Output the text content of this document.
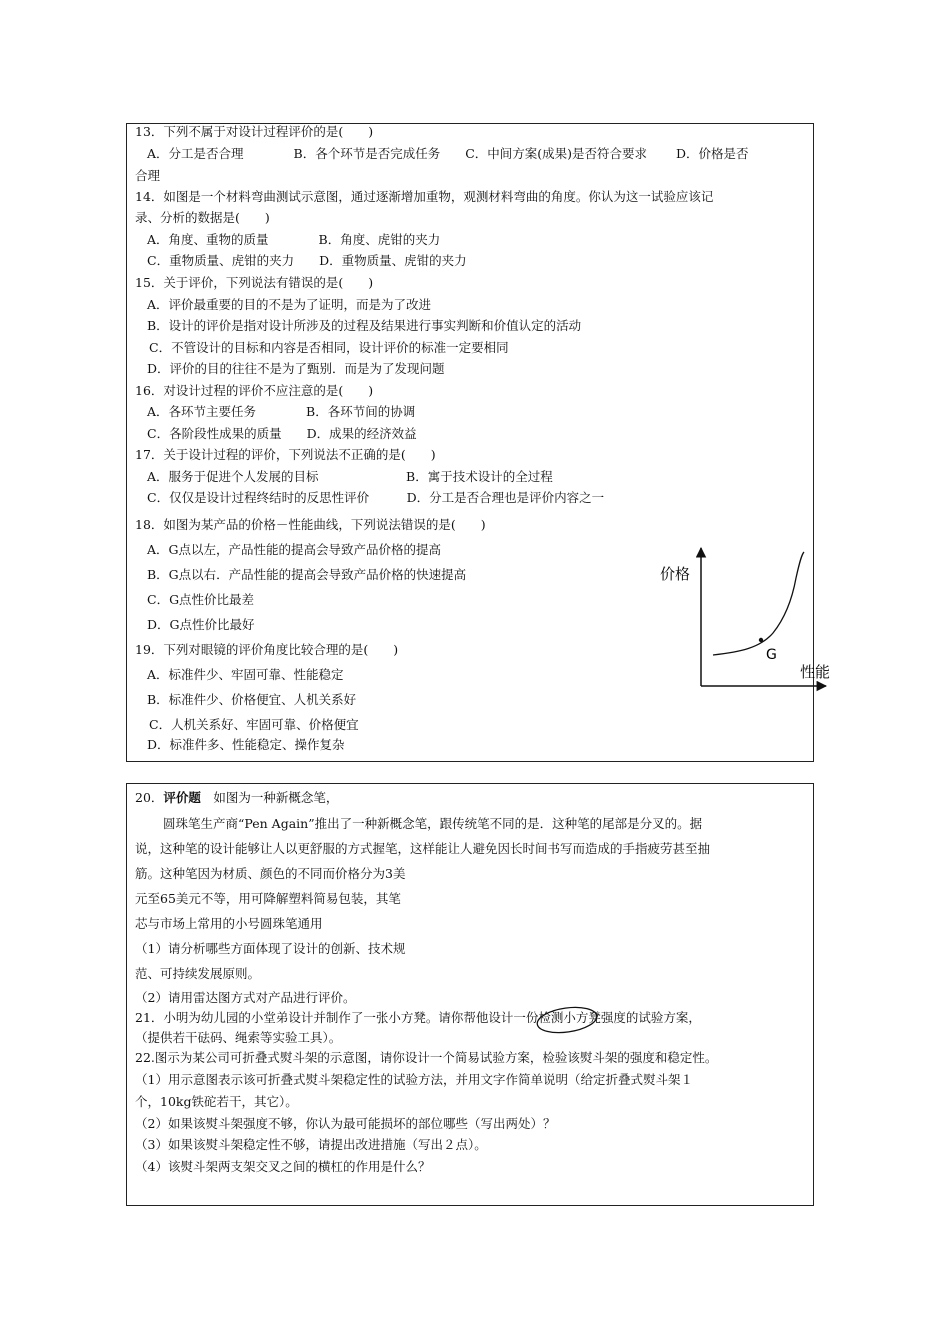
13．下列不属于对设计过程评价的是(　　)
A．分工是否合理　　　　B．各个环节是否完成任务　　C．中间方案(成果)是否符合要求　　 D．价格是否
合理
14．如图是一个材料弯曲测试示意图，通过逐渐增加重物，观测材料弯曲的角度。你认为这一试验应该记
录、分析的数据是(　　)
A．角度、重物的质量　　　　B．角度、虎钳的夹力
C．重物质量、虎钳的夹力　　D．重物质量、虎钳的夹力
15．关于评价，下列说法有错误的是(　　)
A．评价最重要的目的不是为了证明，而是为了改进
B．设计的评价是指对设计所涉及的过程及结果进行事实判断和价值认定的活动
C．不管设计的目标和内容是否相同，设计评价的标准一定要相同
D．评价的目的往往不是为了甄别．而是为了发现问题
16．对设计过程的评价不应注意的是(　　)
A．各环节主要任务　　　　B．各环节间的协调
C．各阶段性成果的质量　　D．成果的经济效益
17．关于设计过程的评价，下列说法不正确的是(　　)
A．服务于促进个人发展的目标　　　　　　　B．寓于技术设计的全过程
C．仅仅是设计过程终结时的反思性评价　　　D．分工是否合理也是评价内容之一
18．如图为某产品的价格－性能曲线，下列说法错误的是(　　)
A．G点以左，产品性能的提高会导致产品价格的提高
B．G点以右．产品性能的提高会导致产品价格的快速提高
C．G点性价比最差
D．G点性价比最好
19．下列对眼镜的评价角度比较合理的是(　　)
A．标准件少、牢固可靠、性能稳定
B．标准件少、价格便宜、人机关系好
C．人机关系好、牢固可靠、价格便宜
D．标准件多、性能稳定、操作复杂
价格
性能
G
20．评价题　如图为一种新概念笔，
圆珠笔生产商“Pen Again”推出了一种新概念笔，跟传统笔不同的是．这种笔的尾部是分叉的。据
说，这种笔的设计能够让人以更舒服的方式握笔，这样能让人避免因长时间书写而造成的手指疲劳甚至抽
筋。这种笔因为材质、颜色的不同而价格分为3美
元至65美元不等，用可降解塑料简易包装，其笔
芯与市场上常用的小号圆珠笔通用
（1）请分析哪些方面体现了设计的创新、技术规
范、可持续发展原则。
（2）请用雷达图方式对产品进行评价。
21．小明为幼儿园的小堂弟设计并制作了一张小方凳。请你帮他设计一份检测小方凳强度的试验方案，
（提供若干砝码、绳索等实验工具）。
22.图示为某公司可折叠式熨斗架的示意图，请你设计一个简易试验方案，检验该熨斗架的强度和稳定性。
（1）用示意图表示该可折叠式熨斗架稳定性的试验方法，并用文字作简单说明（给定折叠式熨斗架１
个，10kg铁砣若干，其它）。
（2）如果该熨斗架强度不够，你认为最可能损坏的部位哪些（写出两处）？
（3）如果该熨斗架稳定性不够，请提出改进措施（写出２点）。
（4）该熨斗架两支架交叉之间的横杠的作用是什么？
